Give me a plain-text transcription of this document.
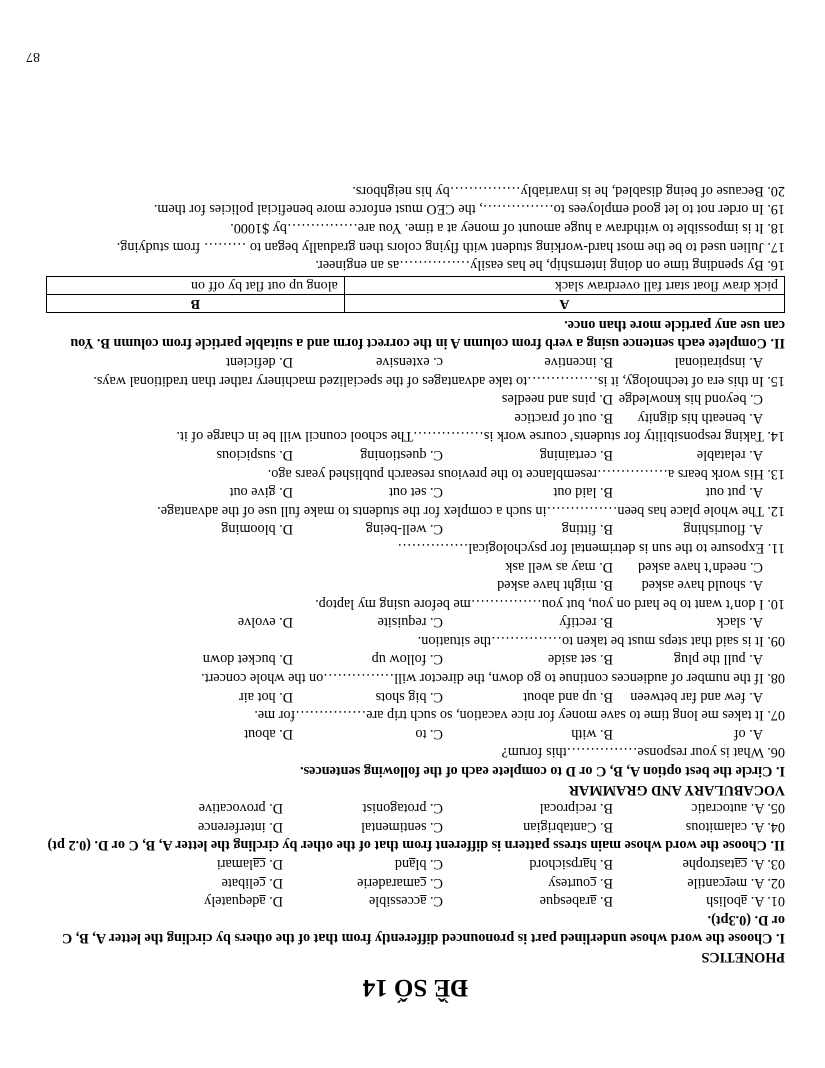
ĐỀ SỐ 14

PHONETICS

I. Choose the word whose underlined part is pronounced differently from that of the others by circling the letter A, B, C or D. (0.3pt).

01. A. abolish
B. arabesque
C. accessible
D. adequately
02. A. mercantile
B. courtesy
C. camaraderie
D. celibate
03. A. catastrophe
B. harpsichord
C. bland
D. calamari

II. Choose the word whose main stress pattern is different from that of the other by circling the letter A, B, C or D. (0.2 pt)

04. A. calamitous
B. Cantabrigian
C. sentimental
D. interference
05. A. autocratic
B. reciprocal
C. protagonist
D. provocative

VOCABULARY AND GRAMMAR

I. Circle the best option A, B, C or D to complete each of the following sentences.

06. What is your response……………this forum?

A. of
B. with
C. to
D. about

07. It takes me long time to save money for nice vacation, so such trip are……………for me.

A. few and far between
B. up and about
C. big shots
D. hot air

08. If the number of audiences continue to go down, the director will……………on the whole concert.

A. pull the plug
B. set aside
C. follow up
D. bucket down

09. It is said that steps must be taken to……………the situation.

A. slack
B. rectify
C. requisite
D. evolve

10. I don’t want to be hard on you, but you……………me before using my laptop.

A. should have asked
B. might have asked
C. needn’t have asked
D. may as well ask

11. Exposure to the sun is detrimental for psychological……………

A. flourishing
B. fitting
C. well-being
D. blooming

12. The whole place has been……………in such a complex for the students to make full use of the advantage.

A. put out
B. laid out
C. set out
D. give out

13. His work bears a……………resemblance to the previous research published years ago.

A. relatable
B. certaining
C. questioning
D. suspicious

14. Taking responsibility for students’ course work is……………The school council will be in charge of it.

A. beneath his dignity
B. out of practice
C. beyond his knowledge
D. pins and needles

15. In this era of technology, it is……………to take advantages of the specialized machinery rather than traditional ways.

A. inspirational
B. incentive
c. extensive
D. deficient

II. Complete each sentence using a verb from column A in the correct form and a suitable particle from column B. You can use any particle more than once.

A	B
pick draw float start fall overdraw slack	along up out flat by off on

16. By spending time on doing internship, he has easily……………as an engineer.

17. Julien used to be the most hard-working student with flying colors then gradually began to ……… from studying.

18. It is impossible to withdraw a huge amount of money at a time. You are……………by $1000.

19. In order not to let good employees to……………, the CEO must enforce more beneficial policies for them.

20. Because of being disabled, he is invariably……………by his neighbors.

87
